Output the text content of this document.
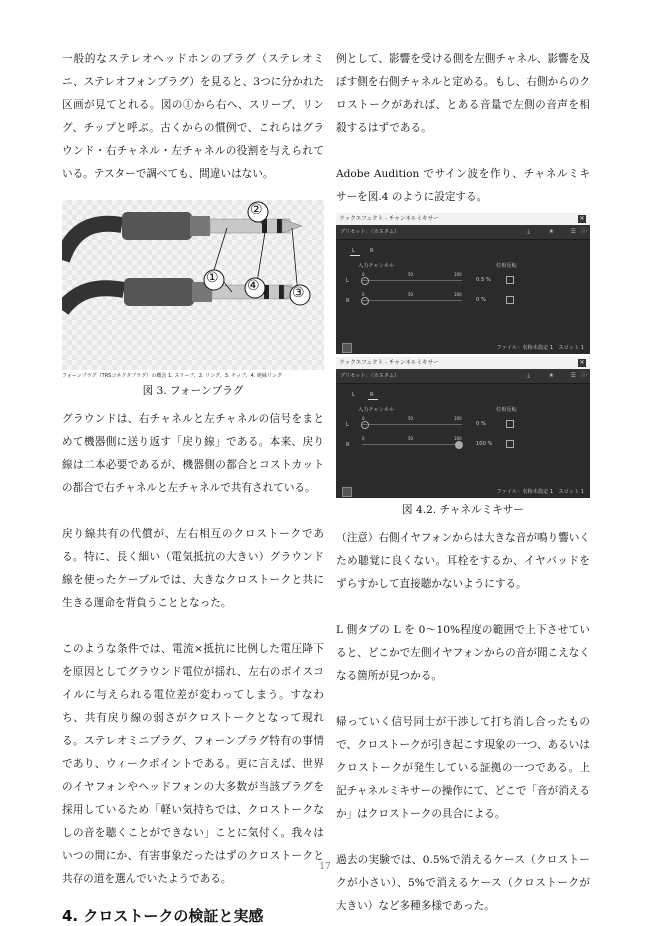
一般的なステレオヘッドホンのプラグ（ステレオミニ、ステレオフォンプラグ）を見ると、3つに分かれた区画が見てとれる。図の①から右へ、スリーブ、リング、チップと呼ぶ。古くからの慣例で、これらはグラウンド・右チャネル・左チャネルの役割を与えられている。テスターで調べても、間違いはない。

①
②
③
④
フォーンプラグ（TRSコネクタプラグ）の概念 1. スリーブ、2. リング、3. チップ、4. 絶縁リング
図 3. フォーンプラグ

グラウンドは、右チャネルと左チャネルの信号をまとめて機器側に送り返す「戻り線」である。本来、戻り線は二本必要であるが、機器側の都合とコストカットの都合で右チャネルと左チャネルで共有されている。

戻り線共有の代償が、左右相互のクロストークである。特に、長く細い（電気抵抗の大きい）グラウンド線を使ったケーブルでは、大きなクロストークと共に生きる運命を背負うこととなった。

このような条件では、電流×抵抗に比例した電圧降下を原因としてグラウンド電位が揺れ、左右のボイスコイルに与えられる電位差が変わってしまう。すなわち、共有戻り線の弱さがクロストークとなって現れる。ステレオミニプラグ、フォーンプラグ特有の事情であり、ウィークポイントである。更に言えば、世界のイヤフォンやヘッドフォンの大多数が当該プラグを採用しているため「軽い気持ちでは、クロストークなしの音を聴くことができない」ことに気付く。我々はいつの間にか、有害事象だったはずのクロストークと共存の道を選んでいたようである。

4. クロストークの検証と実感

例として、影響を受ける側を左側チャネル、影響を及ぼす側を右側チャネルと定める。もし、右側からのクロストークがあれば、とある音量で左側の音声を相殺するはずである。

Adobe Audition でサイン波を作り、チャネルミキサーを図.4 のように設定する。

ラックエフェクト - チャンネルミキサー	×
プリセット：（カスタム）	⤓	★	☰ ⓘ
L	R
入力チャンネル	位相反転
L
0	50	100
0.5 %
R
0	50	100
0 %
ファイル：名称未設定 1　スロット 1
ラックエフェクト - チャンネルミキサー	×
プリセット：（カスタム）	⤓	★	☰ ⓘ
L	R
入力チャンネル	位相反転
L
0	50	100
0 %
R
0	50	100
100 %
ファイル：名称未設定 1　スロット 1
図 4.2. チャネルミキサー

（注意）右側イヤフォンからは大きな音が鳴り響いくため聴覚に良くない。耳栓をするか、イヤパッドをずらすかして直接聴かないようにする。

L 側タブの L を 0～10%程度の範囲で上下させていると、どこかで左側イヤフォンからの音が聞こえなくなる箇所が見つかる。

帰っていく信号同士が干渉して打ち消し合ったもので、クロストークが引き起こす現象の一つ、あるいはクロストークが発生している証拠の一つである。上記チャネルミキサーの操作にて、どこで「音が消えるか」はクロストークの具合による。

過去の実験では、0.5%で消えるケース（クロストークが小さい）、5%で消えるケース（クロストークが大きい）など多種多様であった。

17
